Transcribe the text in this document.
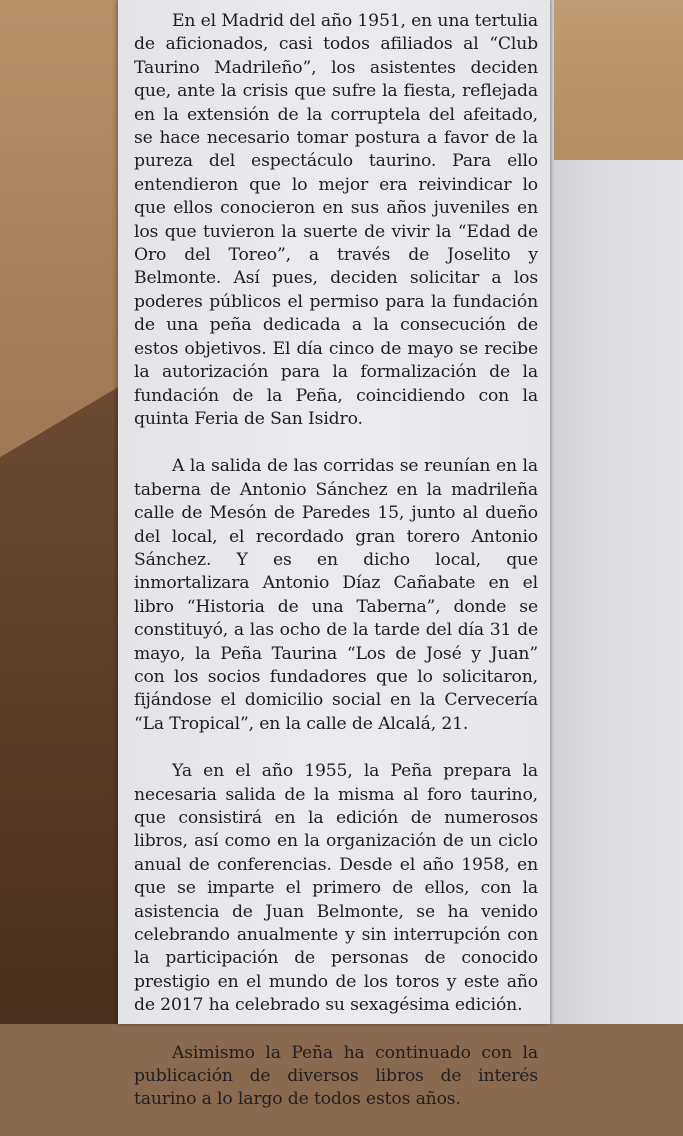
En el Madrid del año 1951, en una tertulia de aficionados, casi todos afiliados al “Club Taurino Madrileño”, los asistentes deciden que, ante la crisis que sufre la fiesta, reflejada en la extensión de la corruptela del afeitado, se hace necesario tomar postura a favor de la pureza del espectáculo taurino. Para ello entendieron que lo mejor era reivindicar lo que ellos conocieron en sus años juveniles en los que tuvieron la suerte de vivir la “Edad de Oro del Toreo”, a través de Joselito y Belmonte. Así pues, deciden solicitar a los poderes públicos el permiso para la fundación de una peña dedicada a la consecución de estos objetivos. El día cinco de mayo se recibe la autorización para la formalización de la fundación de la Peña, coincidiendo con la quinta Feria de San Isidro.

A la salida de las corridas se reunían en la taberna de Antonio Sánchez en la madrileña calle de Mesón de Paredes 15, junto al dueño del local, el recordado gran torero Antonio Sánchez. Y es en dicho local, que inmortalizara Antonio Díaz Cañabate en el libro “Historia de una Taberna”, donde se constituyó, a las ocho de la tarde del día 31 de mayo, la Peña Taurina “Los de José y Juan” con los socios fundadores que lo solicitaron, fijándose el domicilio social en la Cervecería “La Tropical”, en la calle de Alcalá, 21.

Ya en el año 1955, la Peña prepara la necesaria salida de la misma al foro taurino, que consistirá en la edición de numerosos libros, así como en la organización de un ciclo anual de conferencias. Desde el año 1958, en que se imparte el primero de ellos, con la asistencia de Juan Belmonte, se ha venido celebrando anualmente y sin interrupción con la participación de personas de conocido prestigio en el mundo de los toros y este año de 2017 ha celebrado su sexagésima edición.

Asimismo la Peña ha continuado con la publicación de diversos libros de interés taurino a lo largo de todos estos años.
